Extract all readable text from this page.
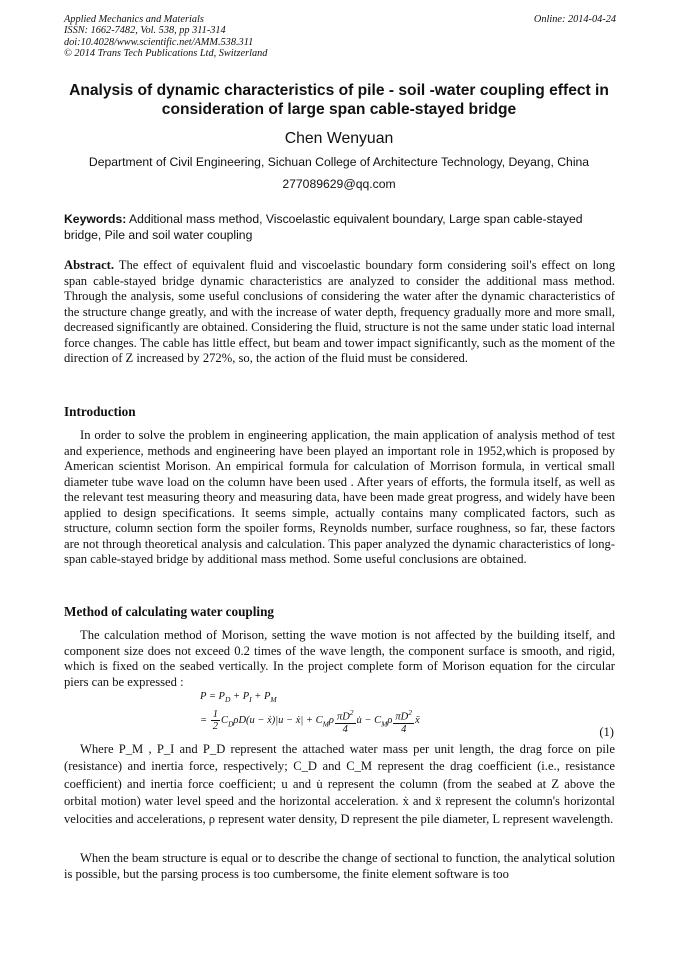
Applied Mechanics and Materials
ISSN: 1662-7482, Vol. 538, pp 311-314
doi:10.4028/www.scientific.net/AMM.538.311
© 2014 Trans Tech Publications Ltd, Switzerland
Online: 2014-04-24
Analysis of dynamic characteristics of pile - soil -water coupling effect in
consideration of large span cable-stayed bridge
Chen Wenyuan
Department of Civil Engineering, Sichuan College of Architecture Technology, Deyang, China
277089629@qq.com
Keywords: Additional mass method, Viscoelastic equivalent boundary, Large span cable-stayed bridge, Pile and soil water coupling
Abstract. The effect of equivalent fluid and viscoelastic boundary form considering soil's effect on long span cable-stayed bridge dynamic characteristics are analyzed to consider the additional mass method. Through the analysis, some useful conclusions of considering the water after the dynamic characteristics of the structure change greatly, and with the increase of water depth, frequency gradually more and more small, decreased significantly are obtained. Considering the fluid, structure is not the same under static load internal force changes. The cable has little effect, but beam and tower impact significantly, such as the moment of the direction of Z increased by 272%, so, the action of the fluid must be considered.
Introduction
In order to solve the problem in engineering application, the main application of analysis method of test and experience, methods and engineering have been played an important role in 1952,which is proposed by American scientist Morison. An empirical formula for calculation of Morrison formula, in vertical small diameter tube wave load on the column have been used . After years of efforts, the formula itself, as well as the relevant test measuring theory and measuring data, have been made great progress, and widely have been applied to design specifications. It seems simple, actually contains many complicated factors, such as structure, column section form the spoiler forms, Reynolds number, surface roughness, so far, these factors are not through theoretical analysis and calculation. This paper analyzed the dynamic characteristics of long-span cable-stayed bridge by additional mass method. Some useful conclusions are obtained.
Method of calculating water coupling
The calculation method of Morison, setting the wave motion is not affected by the building itself, and component size does not exceed 0.2 times of the wave length, the component surface is smooth, and rigid, which is fixed on the seabed vertically. In the project complete form of Morison equation for the circular piers can be expressed :
$P = P_D + P_I + P_M$
= $\frac{1}{2} C_D\rho D(u$ − ẋ)|u − ẋ| + $C_M\rho \frac{\pi D^2}{4}$ u̇ − $C_M\rho \frac{\pi D^2}{4}$ ẍ
(1)
Where P_M , P_I and P_D represent the attached water mass per unit length, the drag force on pile (resistance) and inertia force, respectively; C_D and C_M represent the drag coefficient (i.e., resistance coefficient) and inertia force coefficient; u and u̇ represent the column (from the seabed at Z above the orbital motion) water level speed and the horizontal acceleration. ẋ and ẍ represent the column's horizontal velocities and accelerations, ρ represent water density, D represent the pile diameter, L represent wavelength.
When the beam structure is equal or to describe the change of sectional to function, the analytical solution is possible, but the parsing process is too cumbersome, the finite element software is too
